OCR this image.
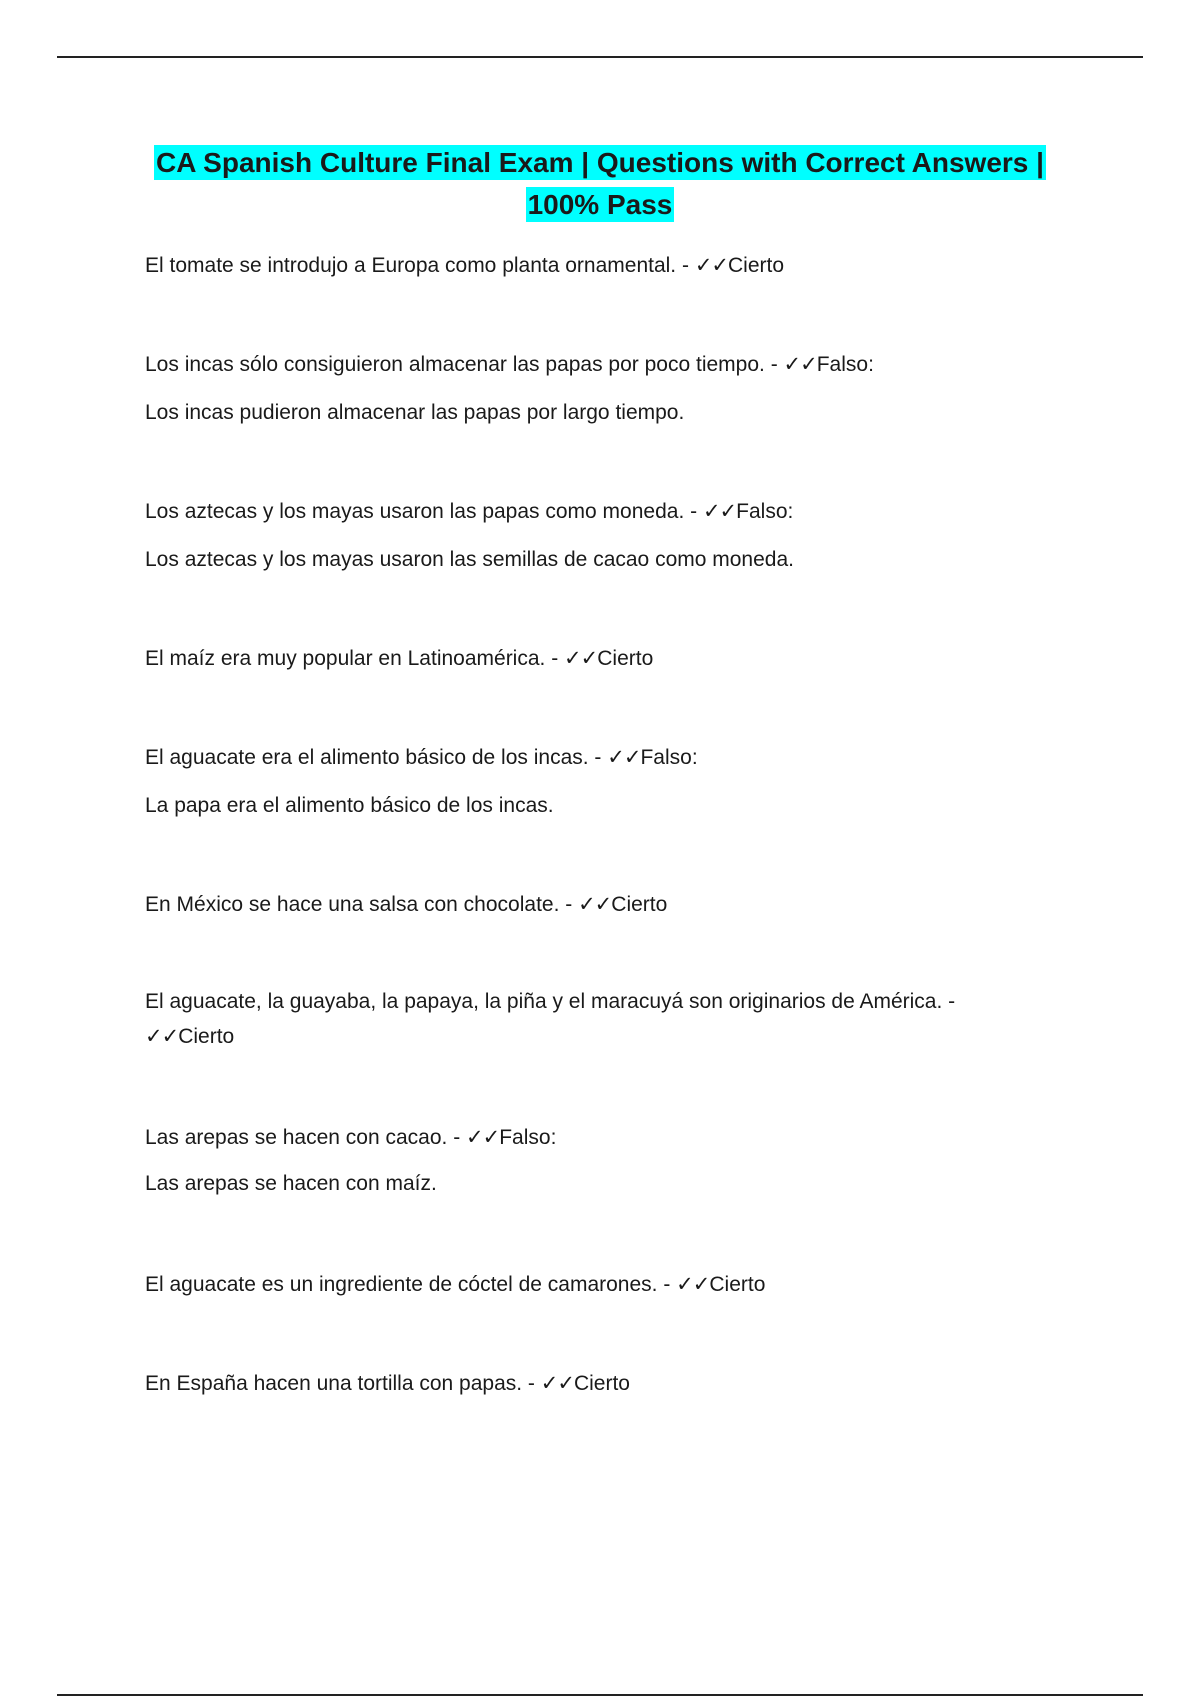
CA Spanish Culture Final Exam | Questions with Correct Answers | 100% Pass

El tomate se introdujo a Europa como planta ornamental. - ✓✓Cierto

Los incas sólo consiguieron almacenar las papas por poco tiempo. - ✓✓Falso:

Los incas pudieron almacenar las papas por largo tiempo.

Los aztecas y los mayas usaron las papas como moneda. - ✓✓Falso:

Los aztecas y los mayas usaron las semillas de cacao como moneda.

El maíz era muy popular en Latinoamérica. - ✓✓Cierto

El aguacate era el alimento básico de los incas. - ✓✓Falso:

La papa era el alimento básico de los incas.

En México se hace una salsa con chocolate. - ✓✓Cierto

El aguacate, la guayaba, la papaya, la piña y el maracuyá son originarios de América. - ✓✓Cierto

Las arepas se hacen con cacao. - ✓✓Falso:

Las arepas se hacen con maíz.

El aguacate es un ingrediente de cóctel de camarones. - ✓✓Cierto

En España hacen una tortilla con papas. - ✓✓Cierto
